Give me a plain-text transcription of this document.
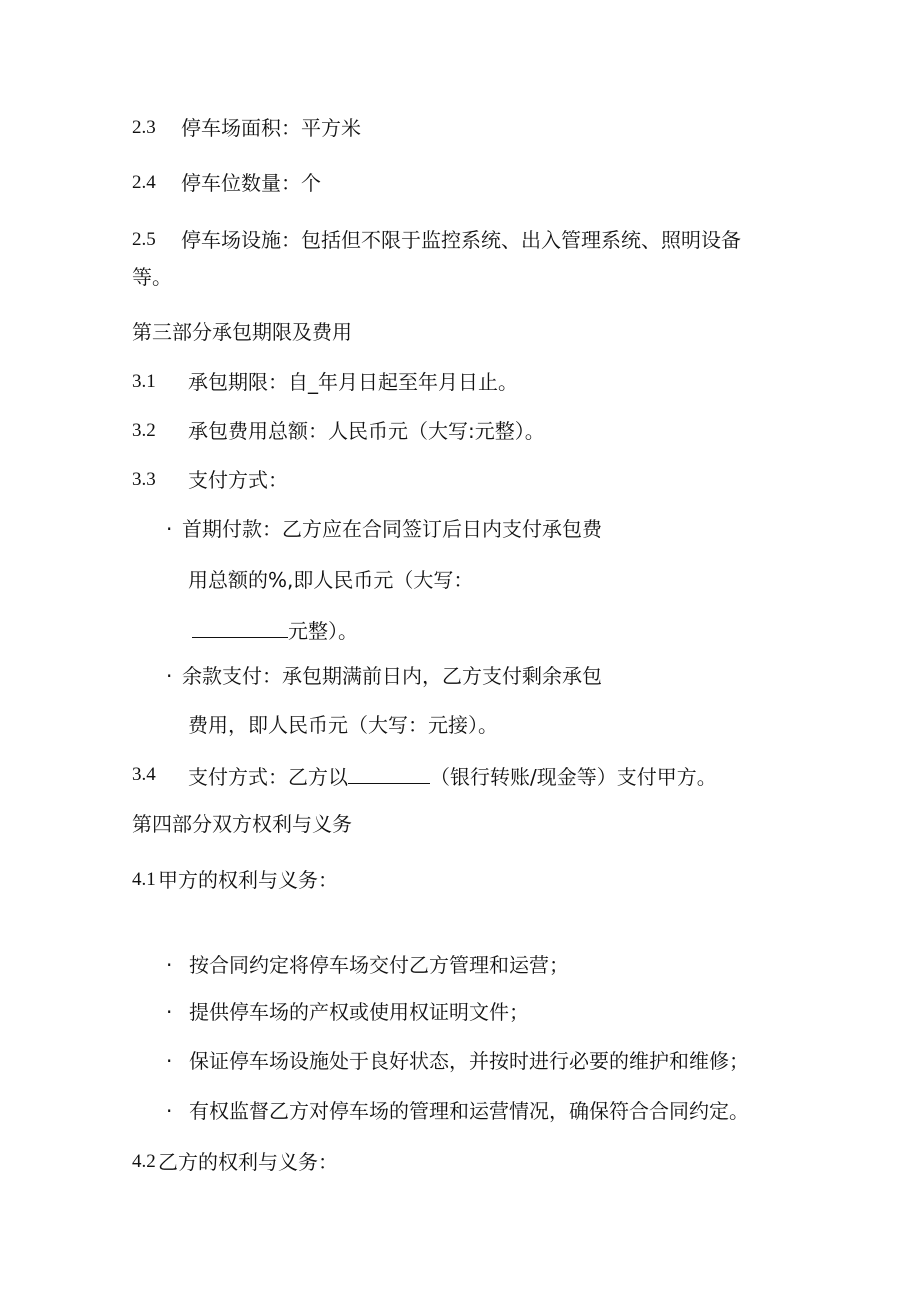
2.3 停车场面积：平方米
2.4 停车位数量：个
2.5 停车场设施：包括但不限于监控系统、出入管理系统、照明设备
等。
第三部分承包期限及费用
3.1 承包期限：自_年月日起至年月日止。
3.2 承包费用总额：人民币元（大写:元整）。
3.3 支付方式：
· 首期付款：乙方应在合同签订后日内支付承包费
用总额的%,即人民币元（大写：
元整）。
· 余款支付：承包期满前日内，乙方支付剩余承包
费用，即人民币元（大写：元接）。
3.4 支付方式：乙方以	（银行转账/现金等）支付甲方。
第四部分双方权利与义务
4.1 甲方的权利与义务：
· 按合同约定将停车场交付乙方管理和运营；
· 提供停车场的产权或使用权证明文件；
· 保证停车场设施处于良好状态，并按时进行必要的维护和维修；
· 有权监督乙方对停车场的管理和运营情况，确保符合合同约定。
4.2 乙方的权利与义务：
